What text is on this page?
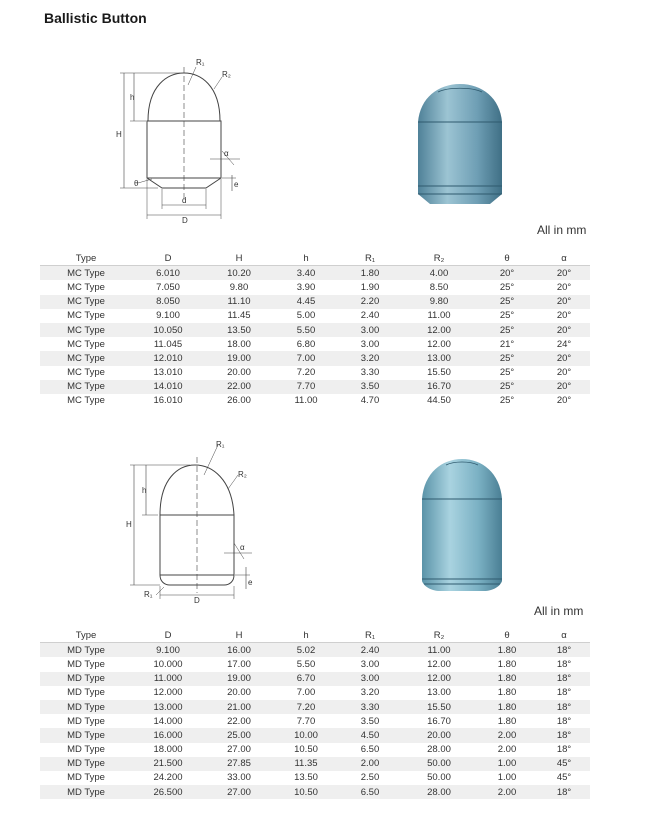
Ballistic Button
R₁
R₂
h
H
α
θ	e
d
D
All in mm
Type	D	H	h	R₁	R₂	θ	α
MC Type	6.010	10.20	3.40	1.80	4.00	20°	20°
MC Type	7.050	9.80	3.90	1.90	8.50	25°	20°
MC Type	8.050	11.10	4.45	2.20	9.80	25°	20°
MC Type	9.100	11.45	5.00	2.40	11.00	25°	20°
MC Type	10.050	13.50	5.50	3.00	12.00	25°	20°
MC Type	11.045	18.00	6.80	3.00	12.00	21°	24°
MC Type	12.010	19.00	7.00	3.20	13.00	25°	20°
MC Type	13.010	20.00	7.20	3.30	15.50	25°	20°
MC Type	14.010	22.00	7.70	3.50	16.70	25°	20°
MC Type	16.010	26.00	11.00	4.70	44.50	25°	20°
R₁
R₂
h
H
α
e
R₁
D
All in mm
Type	D	H	h	R₁	R₂	θ	α
MD Type	9.100	16.00	5.02	2.40	11.00	1.80	18°
MD Type	10.000	17.00	5.50	3.00	12.00	1.80	18°
MD Type	11.000	19.00	6.70	3.00	12.00	1.80	18°
MD Type	12.000	20.00	7.00	3.20	13.00	1.80	18°
MD Type	13.000	21.00	7.20	3.30	15.50	1.80	18°
MD Type	14.000	22.00	7.70	3.50	16.70	1.80	18°
MD Type	16.000	25.00	10.00	4.50	20.00	2.00	18°
MD Type	18.000	27.00	10.50	6.50	28.00	2.00	18°
MD Type	21.500	27.85	11.35	2.00	50.00	1.00	45°
MD Type	24.200	33.00	13.50	2.50	50.00	1.00	45°
MD Type	26.500	27.00	10.50	6.50	28.00	2.00	18°
